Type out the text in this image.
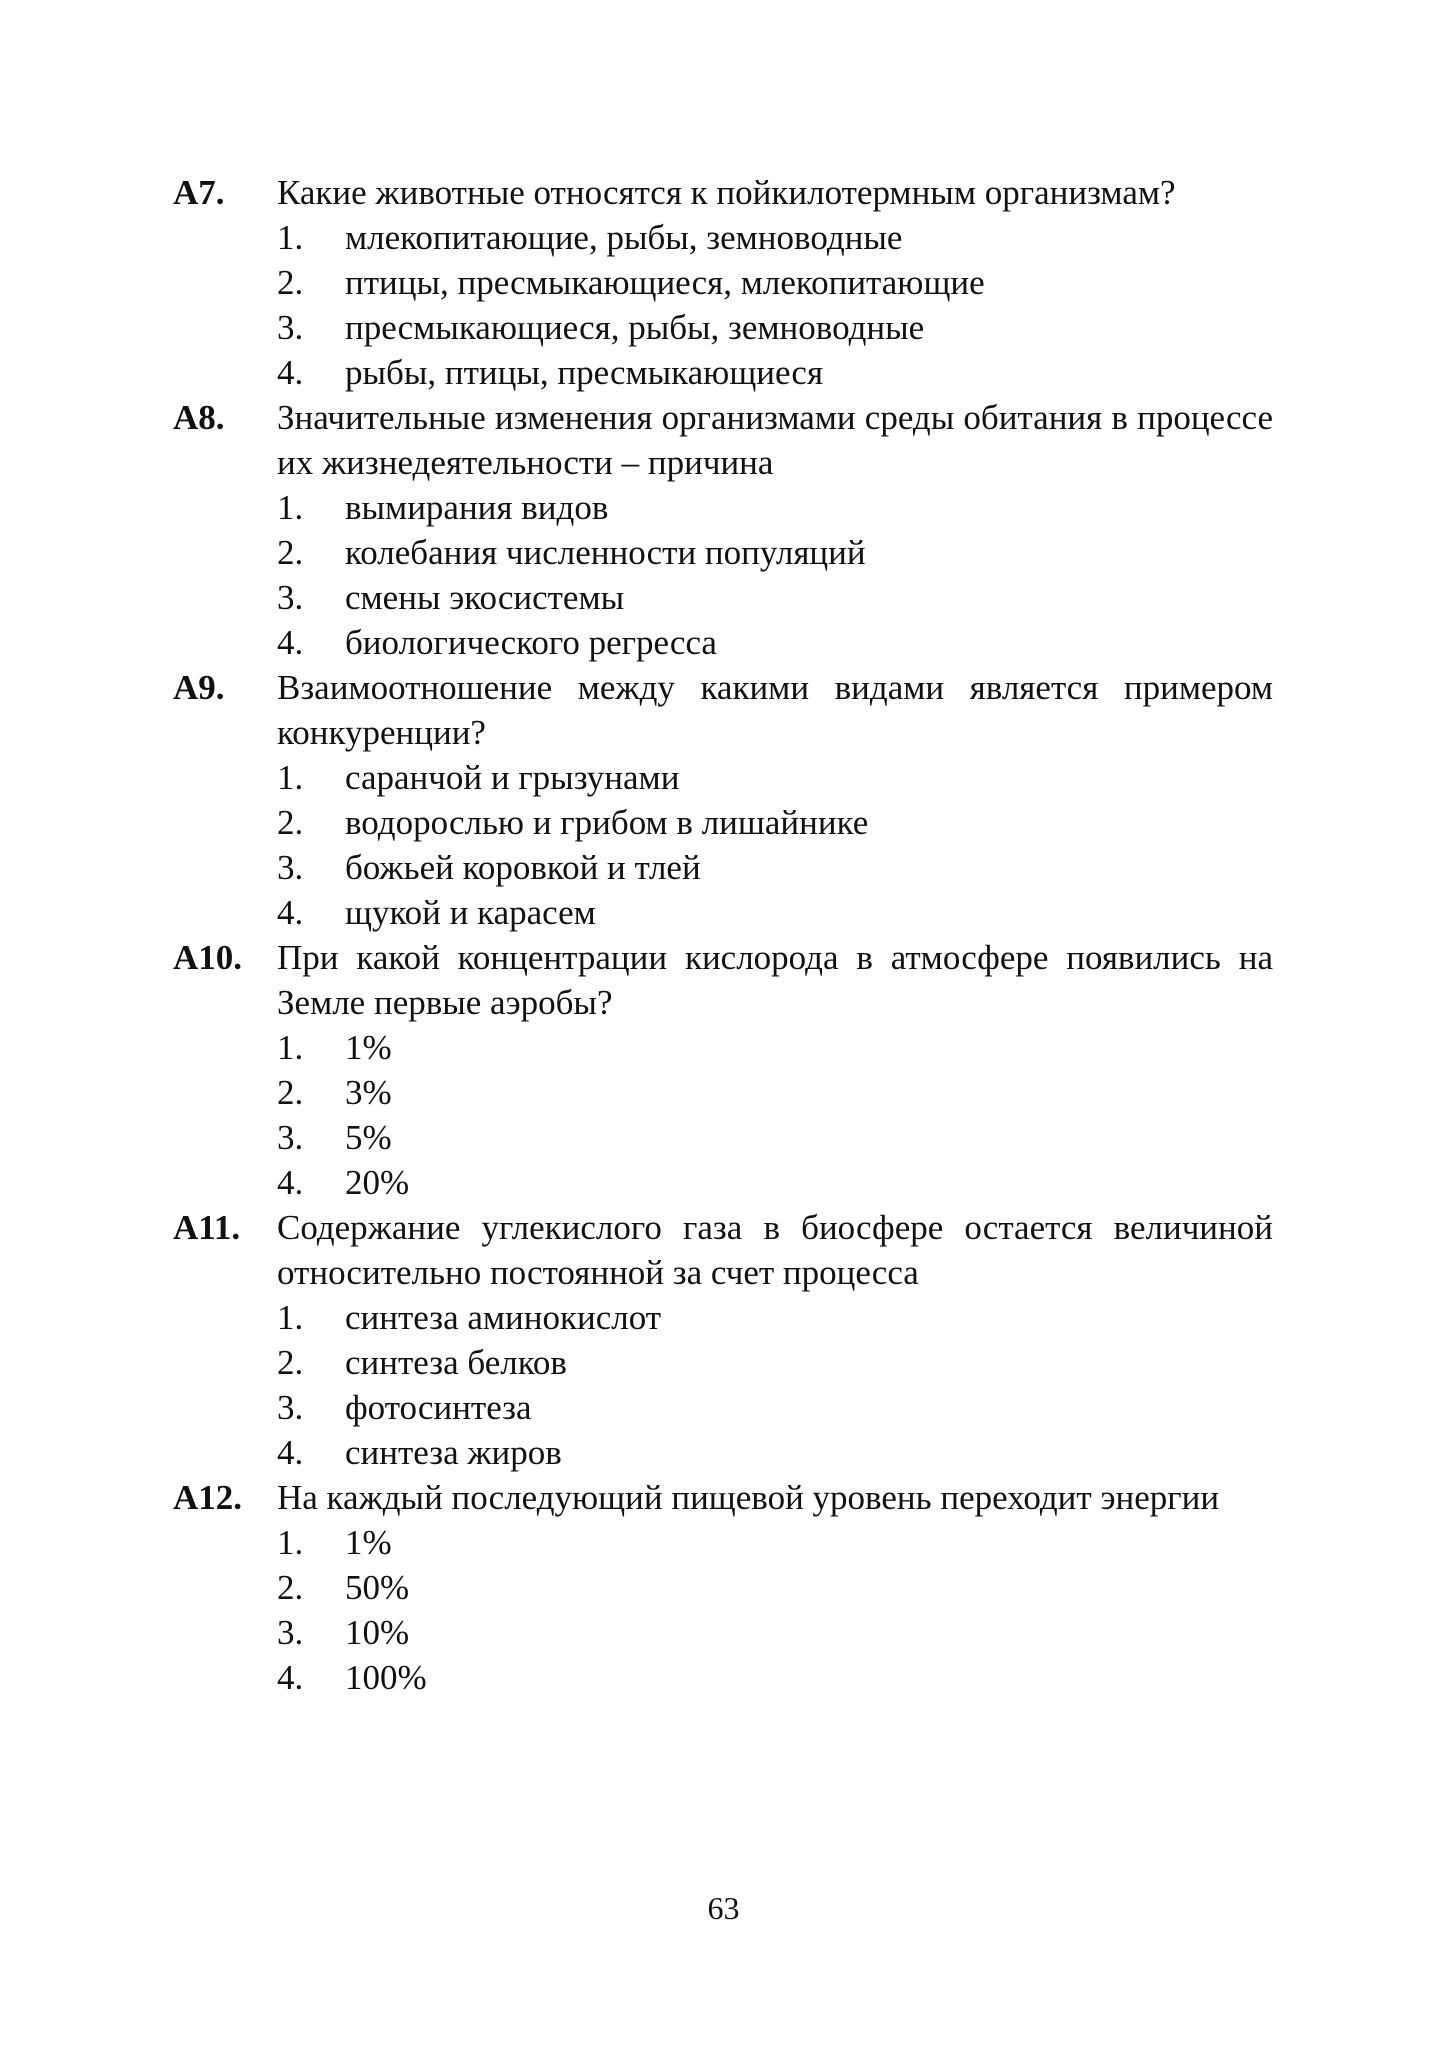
А7. Какие животные относятся к пойкилотермным организмам?
1. млекопитающие, рыбы, земноводные
2. птицы, пресмыкающиеся, млекопитающие
3. пресмыкающиеся, рыбы, земноводные
4. рыбы, птицы, пресмыкающиеся
А8. Значительные изменения организмами среды обитания в процессе их жизнедеятельности – причина
1. вымирания видов
2. колебания численности популяций
3. смены экосистемы
4. биологического регресса
А9. Взаимоотношение между какими видами является примером конкуренции?
1. саранчой и грызунами
2. водорослью и грибом в лишайнике
3. божьей коровкой и тлей
4. щукой и карасем
А10. При какой концентрации кислорода в атмосфере появились на Земле первые аэробы?
1. 1%
2. 3%
3. 5%
4. 20%
А11. Содержание углекислого газа в биосфере остается величиной относительно постоянной за счет процесса
1. синтеза аминокислот
2. синтеза белков
3. фотосинтеза
4. синтеза жиров
А12. На каждый последующий пищевой уровень переходит энергии
1. 1%
2. 50%
3. 10%
4. 100%
63
